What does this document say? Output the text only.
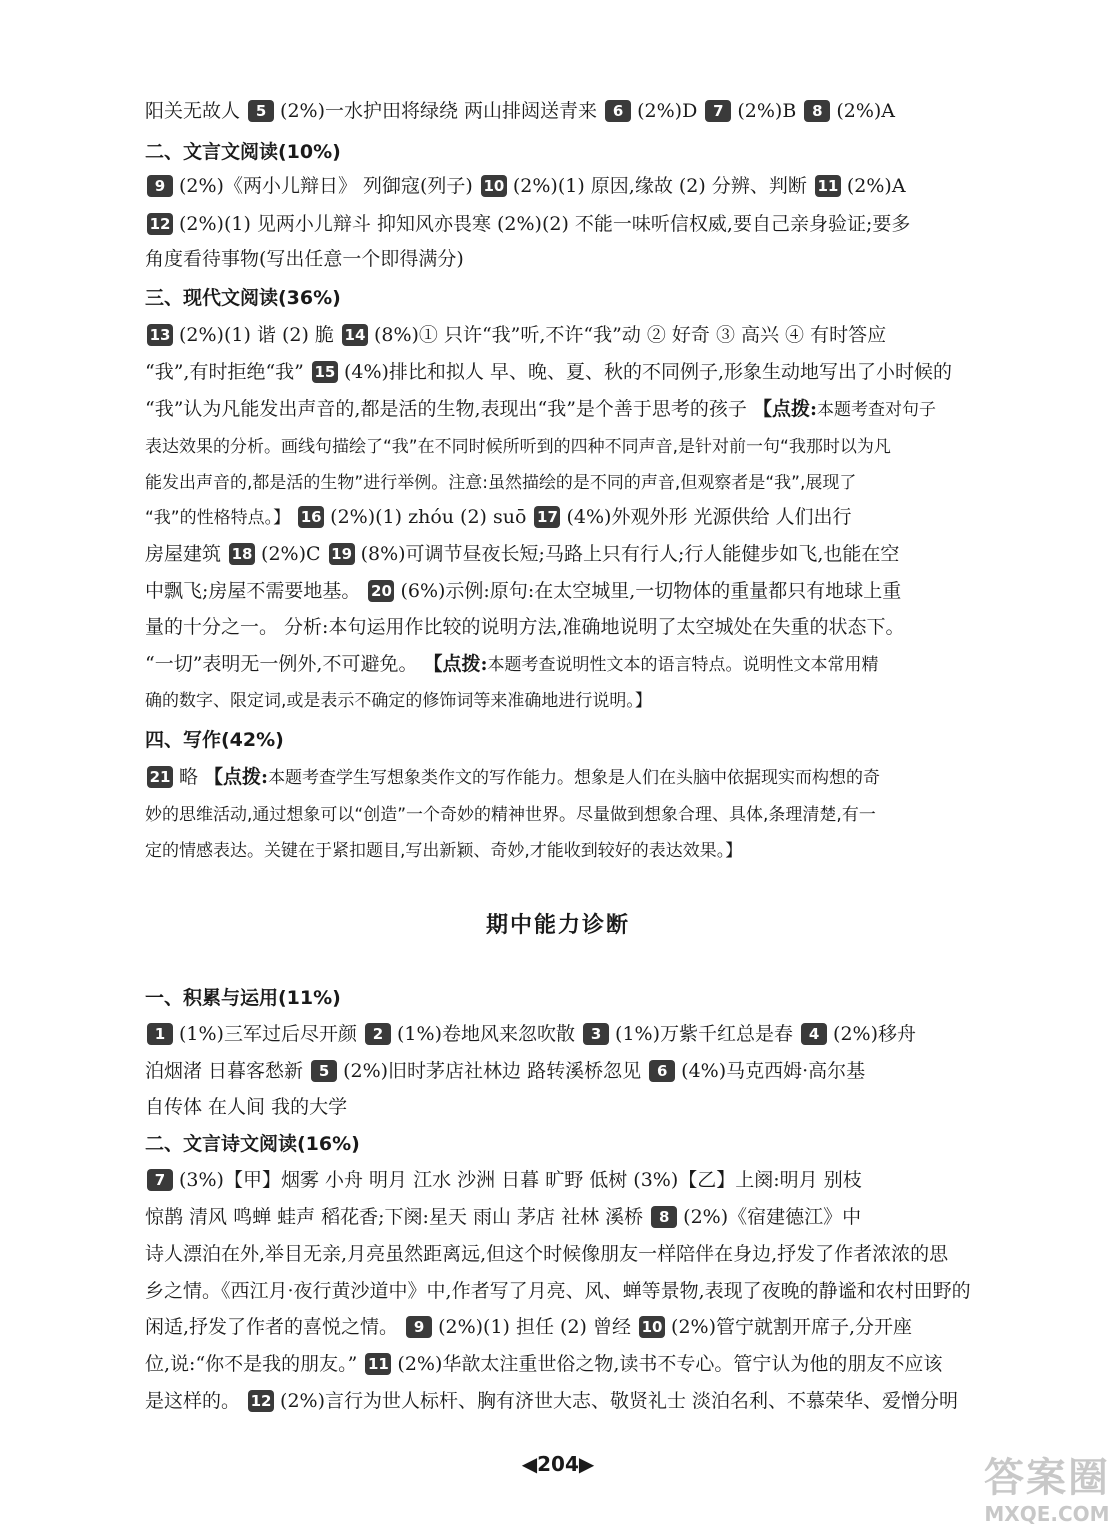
阳关无故人 5 (2%)一水护田将绿绕 两山排闼送青来 6 (2%)D 7 (2%)B 8 (2%)A
二、文言文阅读(10%)
9 (2%)《两小儿辩日》 列御寇(列子) 10 (2%)(1) 原因,缘故 (2) 分辨、判断 11 (2%)A
12 (2%)(1) 见两小儿辩斗 抑知风亦畏寒 (2%)(2) 不能一味听信权威,要自己亲身验证;要多
角度看待事物(写出任意一个即得满分)
三、现代文阅读(36%)
13 (2%)(1) 谐 (2) 脆 14 (8%)① 只许“我”听,不许“我”动 ② 好奇 ③ 高兴 ④ 有时答应
“我”,有时拒绝“我” 15 (4%)排比和拟人 早、晚、夏、秋的不同例子,形象生动地写出了小时候的
“我”认为凡能发出声音的,都是活的生物,表现出“我”是个善于思考的孩子 【点拨:本题考查对句子
表达效果的分析。画线句描绘了“我”在不同时候所听到的四种不同声音,是针对前一句“我那时以为凡
能发出声音的,都是活的生物”进行举例。注意:虽然描绘的是不同的声音,但观察者是“我”,展现了
“我”的性格特点。】 16 (2%)(1) zhóu (2) suō 17 (4%)外观外形 光源供给 人们出行
房屋建筑 18 (2%)C 19 (8%)可调节昼夜长短;马路上只有行人;行人能健步如飞,也能在空
中飘飞;房屋不需要地基。 20 (6%)示例:原句:在太空城里,一切物体的重量都只有地球上重
量的十分之一。 分析:本句运用作比较的说明方法,准确地说明了太空城处在失重的状态下。
“一切”表明无一例外,不可避免。 【点拨:本题考查说明性文本的语言特点。说明性文本常用精
确的数字、限定词,或是表示不确定的修饰词等来准确地进行说明。】
四、写作(42%)
21 略 【点拨:本题考查学生写想象类作文的写作能力。想象是人们在头脑中依据现实而构想的奇
妙的思维活动,通过想象可以“创造”一个奇妙的精神世界。尽量做到想象合理、具体,条理清楚,有一
定的情感表达。关键在于紧扣题目,写出新颖、奇妙,才能收到较好的表达效果。】
期中能力诊断
一、积累与运用(11%)
1 (1%)三军过后尽开颜 2 (1%)卷地风来忽吹散 3 (1%)万紫千红总是春 4 (2%)移舟
泊烟渚 日暮客愁新 5 (2%)旧时茅店社林边 路转溪桥忽见 6 (4%)马克西姆·高尔基
自传体 在人间 我的大学
二、文言诗文阅读(16%)
7 (3%)【甲】烟雾 小舟 明月 江水 沙洲 日暮 旷野 低树 (3%)【乙】上阕:明月 别枝
惊鹊 清风 鸣蝉 蛙声 稻花香;下阕:星天 雨山 茅店 社林 溪桥 8 (2%)《宿建德江》中
诗人漂泊在外,举目无亲,月亮虽然距离远,但这个时候像朋友一样陪伴在身边,抒发了作者浓浓的思
乡之情。《西江月·夜行黄沙道中》中,作者写了月亮、风、蝉等景物,表现了夜晚的静谧和农村田野的
闲适,抒发了作者的喜悦之情。 9 (2%)(1) 担任 (2) 曾经 10 (2%)管宁就割开席子,分开座
位,说:“你不是我的朋友。” 11 (2%)华歆太注重世俗之物,读书不专心。管宁认为他的朋友不应该
是这样的。 12 (2%)言行为世人标杆、胸有济世大志、敬贤礼士 淡泊名利、不慕荣华、爱憎分明
◀204▶	答案圈
MXQE.COM
